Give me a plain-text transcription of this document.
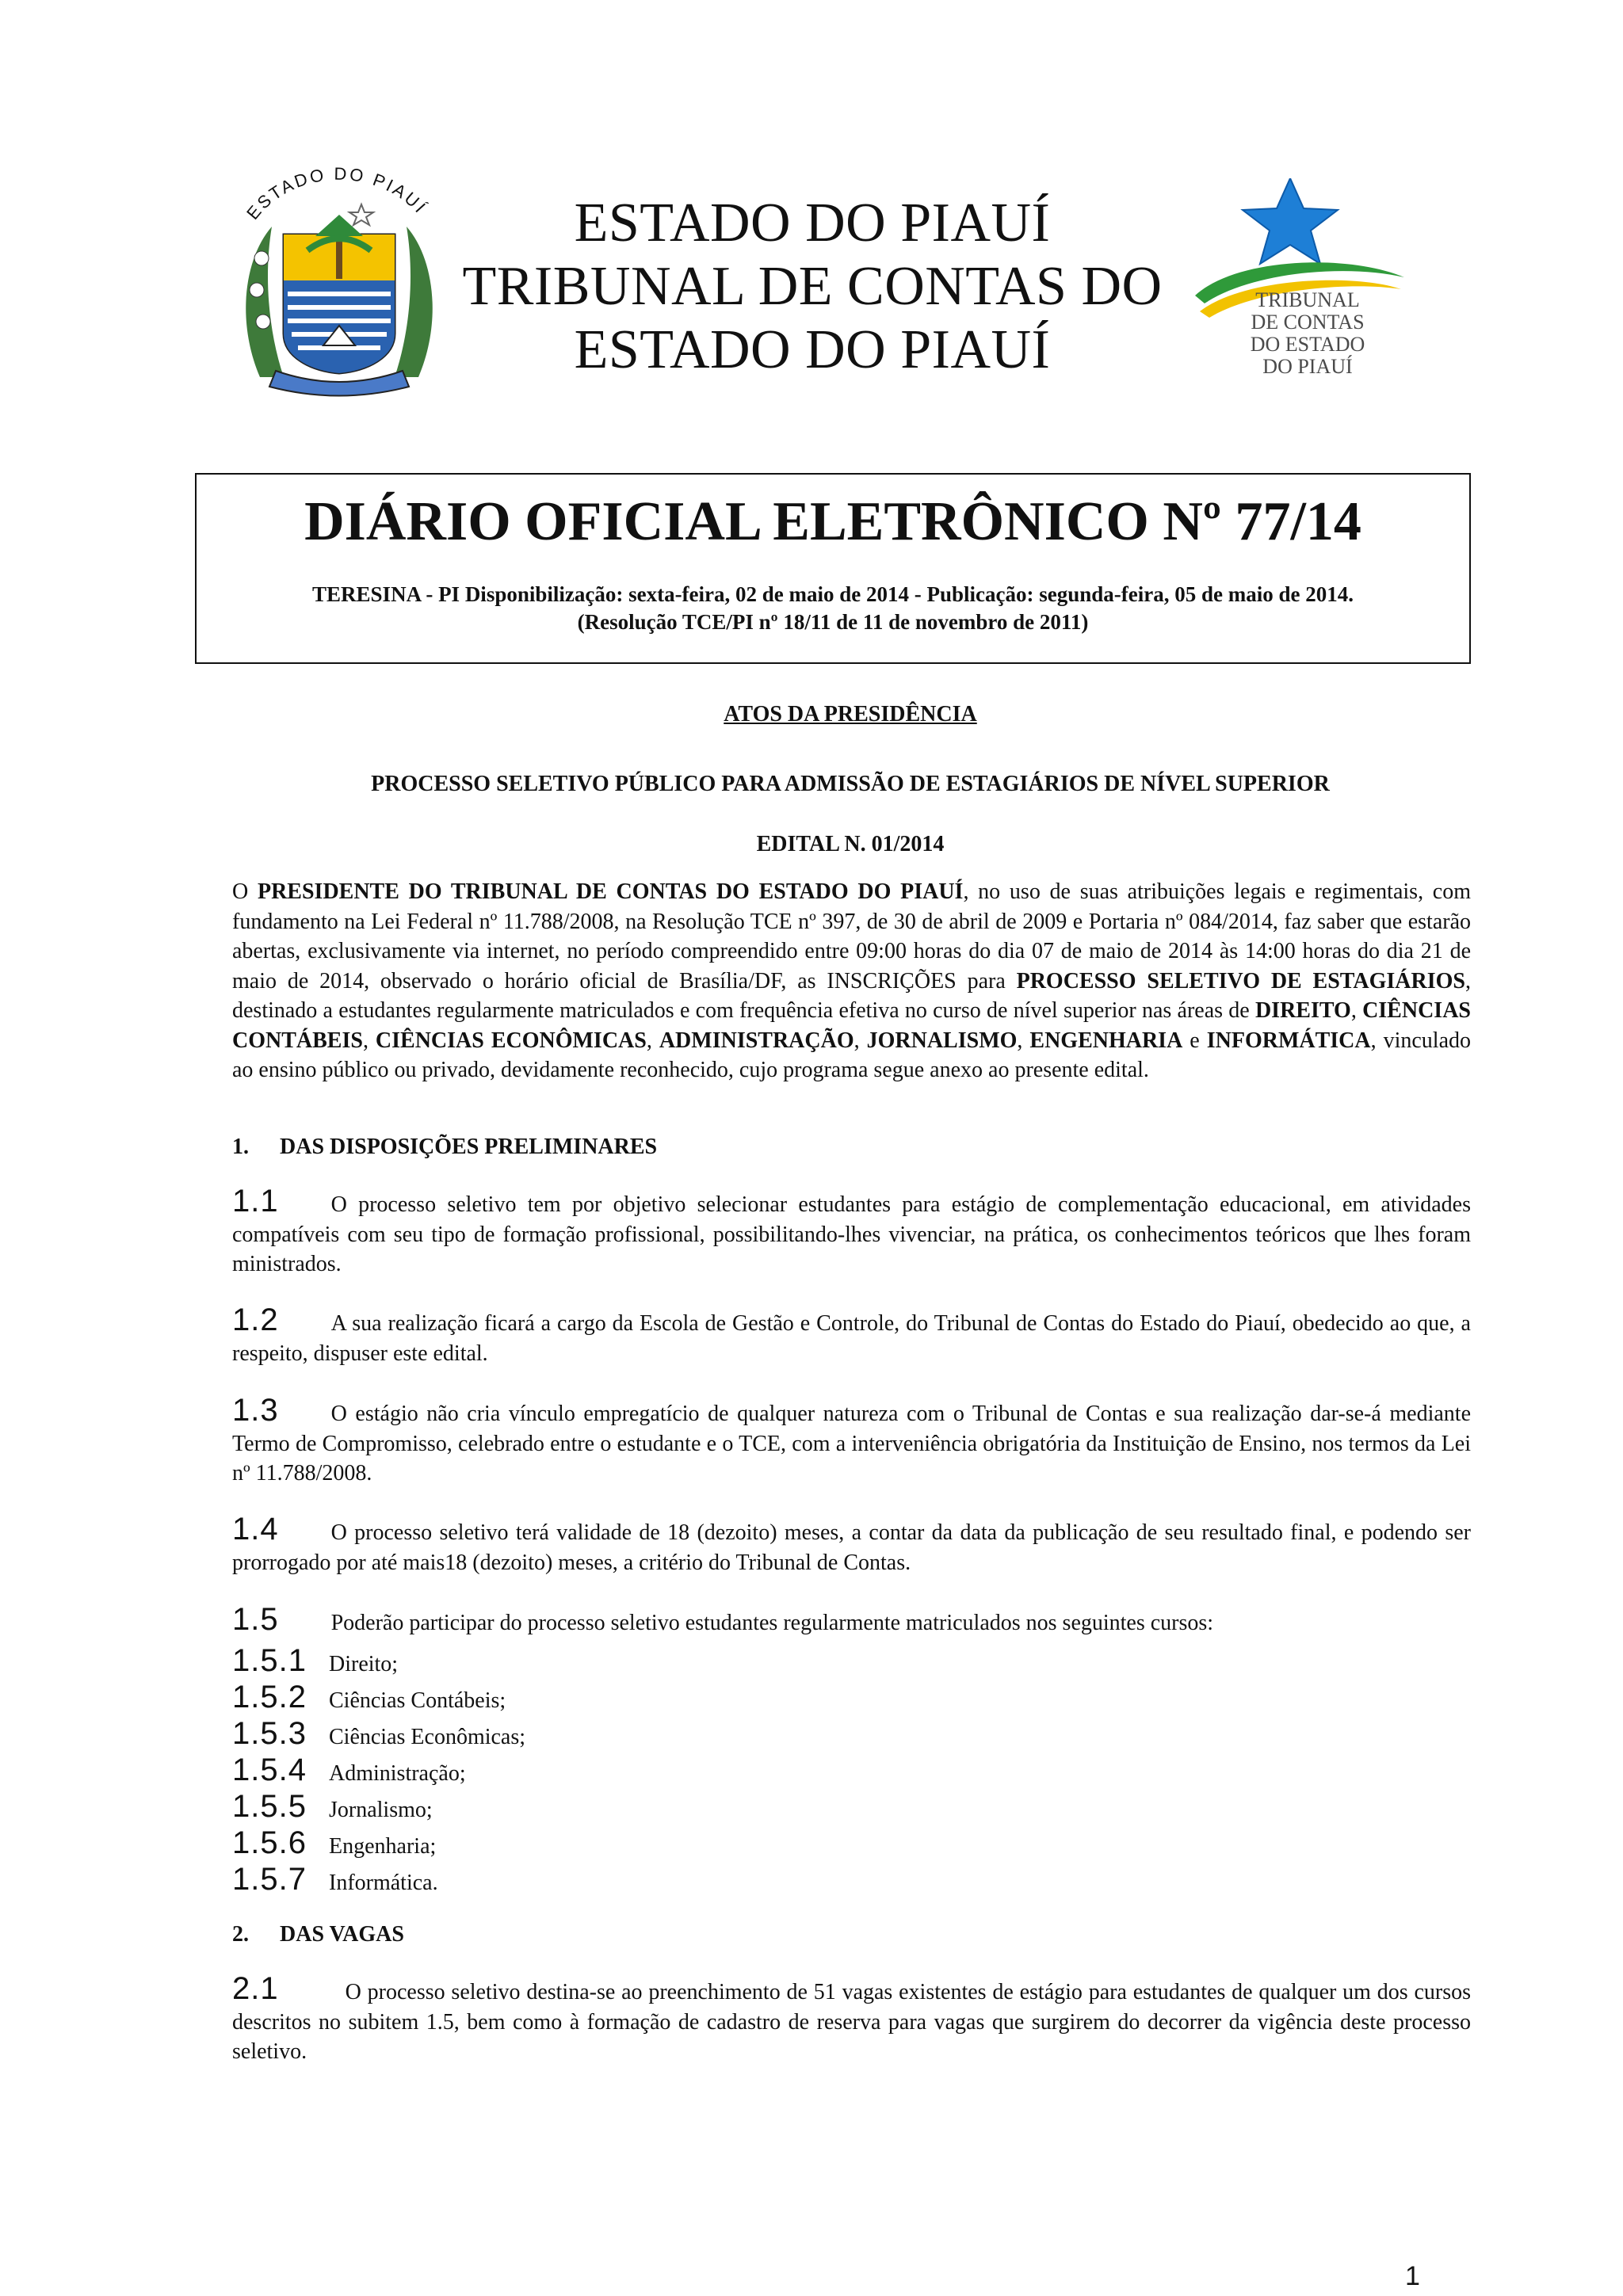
ESTADO DO PIAUÍ	ESTADO DO PIAUÍ
TRIBUNAL DE CONTAS DO
ESTADO DO PIAUÍ
TRIBUNAL
DE CONTAS
DO ESTADO
DO PIAUÍ
DIÁRIO OFICIAL ELETRÔNICO Nº 77/14
TERESINA - PI Disponibilização: sexta-feira, 02 de maio de 2014 - Publicação: segunda-feira, 05 de maio de 2014.
(Resolução TCE/PI nº 18/11 de 11 de novembro de 2011)
ATOS DA PRESIDÊNCIA
PROCESSO SELETIVO PÚBLICO PARA ADMISSÃO DE ESTAGIÁRIOS DE NÍVEL SUPERIOR
EDITAL N. 01/2014
O PRESIDENTE DO TRIBUNAL DE CONTAS DO ESTADO DO PIAUÍ, no uso de suas atribuições legais e regimentais, com fundamento na Lei Federal nº 11.788/2008, na Resolução TCE nº 397, de 30 de abril de 2009 e Portaria nº 084/2014, faz saber que estarão abertas, exclusivamente via internet, no período compreendido entre 09:00 horas do dia 07 de maio de 2014 às 14:00 horas do dia 21 de maio de 2014, observado o horário oficial de Brasília/DF, as INSCRIÇÕES para PROCESSO SELETIVO DE ESTAGIÁRIOS, destinado a estudantes regularmente matriculados e com frequência efetiva no curso de nível superior nas áreas de DIREITO, CIÊNCIAS CONTÁBEIS, CIÊNCIAS ECONÔMICAS, ADMINISTRAÇÃO, JORNALISMO, ENGENHARIA e INFORMÁTICA, vinculado ao ensino público ou privado, devidamente reconhecido, cujo programa segue anexo ao presente edital.
1. DAS DISPOSIÇÕES PRELIMINARES
1.1 O processo seletivo tem por objetivo selecionar estudantes para estágio de complementação educacional, em atividades compatíveis com seu tipo de formação profissional, possibilitando-lhes vivenciar, na prática, os conhecimentos teóricos que lhes foram ministrados.
1.2 A sua realização ficará a cargo da Escola de Gestão e Controle, do Tribunal de Contas do Estado do Piauí, obedecido ao que, a respeito, dispuser este edital.
1.3 O estágio não cria vínculo empregatício de qualquer natureza com o Tribunal de Contas e sua realização dar-se-á mediante Termo de Compromisso, celebrado entre o estudante e o TCE, com a interveniência obrigatória da Instituição de Ensino, nos termos da Lei nº 11.788/2008.
1.4 O processo seletivo terá validade de 18 (dezoito) meses, a contar da data da publicação de seu resultado final, e podendo ser prorrogado por até mais18 (dezoito) meses, a critério do Tribunal de Contas.
1.5 Poderão participar do processo seletivo estudantes regularmente matriculados nos seguintes cursos:
1.5.1 Direito;
1.5.2 Ciências Contábeis;
1.5.3 Ciências Econômicas;
1.5.4 Administração;
1.5.5 Jornalismo;
1.5.6 Engenharia;
1.5.7 Informática.
2. DAS VAGAS
2.1	O processo seletivo destina-se ao preenchimento de 51 vagas existentes de estágio para estudantes de qualquer um dos cursos descritos no subitem 1.5, bem como à formação de cadastro de reserva para vagas que surgirem do decorrer da vigência deste processo seletivo.
1
